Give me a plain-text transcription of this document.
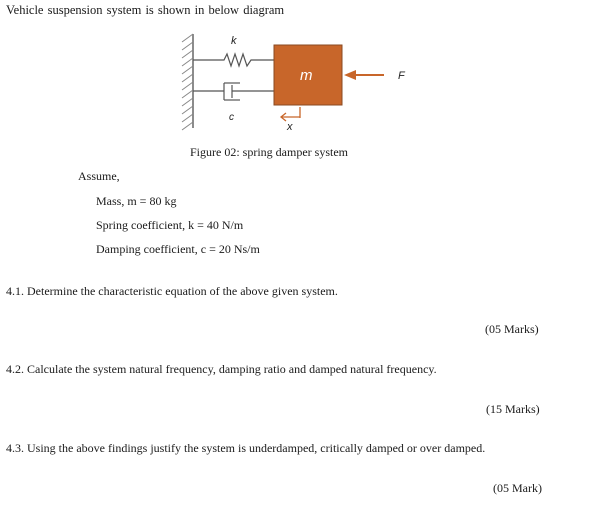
Vehicle suspension system is shown in below diagram
k
c
m	F
x
Figure 02: spring damper system
Assume,
Mass, m = 80 kg
Spring coefficient, k = 40 N/m
Damping coefficient, c = 20 Ns/m
4.1. Determine the characteristic equation of the above given system.
(05 Marks)
4.2. Calculate the system natural frequency, damping ratio and damped natural frequency.
(15 Marks)
4.3. Using the above findings justify the system is underdamped, critically damped or over damped.
(05 Mark)
